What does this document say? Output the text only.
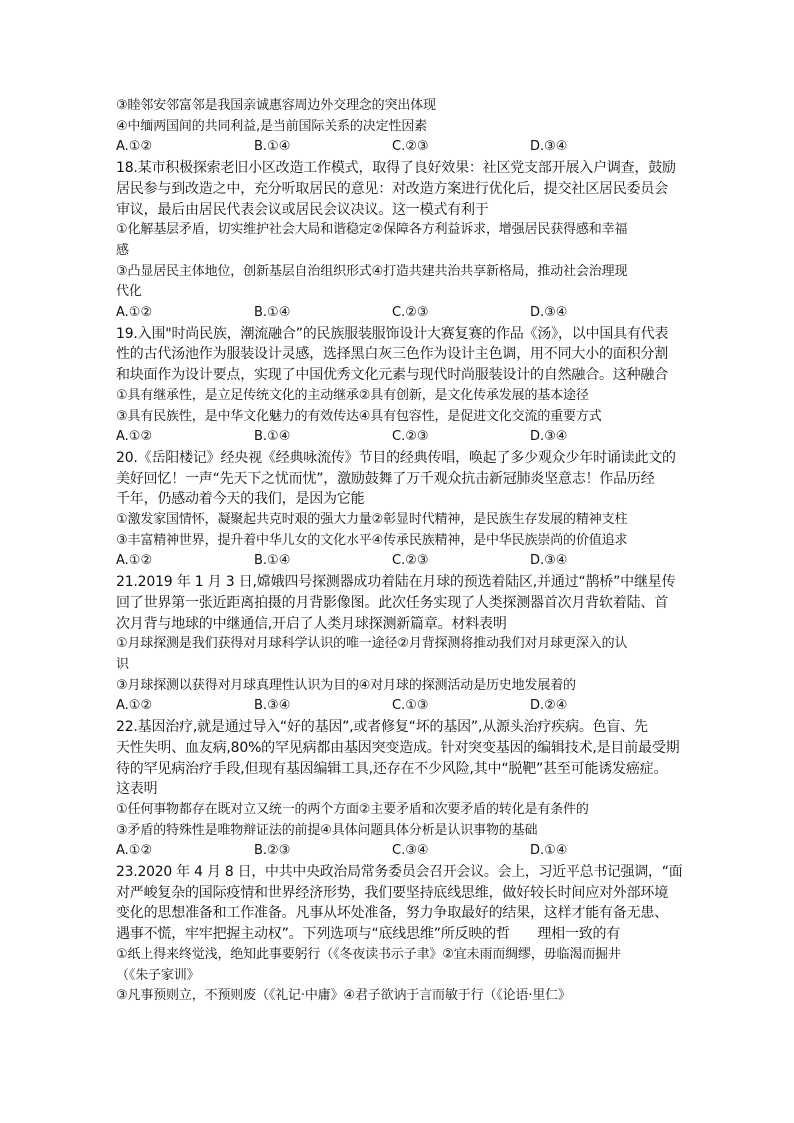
③睦邻安邻富邻是我国亲诚惠容周边外交理念的突出体现
④中缅两国间的共同利益,是当前国际关系的决定性因素
A.①②	B.①④	C.②③	D.③④
18.某市积极探索老旧小区改造工作模式，取得了良好效果：社区党支部开展入户调查，鼓励
居民参与到改造之中，充分听取居民的意见：对改造方案进行优化后，提交社区居民委员会
审议，最后由居民代表会议或居民会议决议。这一模式有利于
①化解基层矛盾，切实维护社会大局和谐稳定②保障各方利益诉求，增强居民获得感和幸福
感
③凸显居民主体地位，创新基层自治组织形式④打造共建共治共享新格局，推动社会治理现
代化
A.①②	B.①④	C.②③	D.③④
19.入围"时尚民族，潮流融合”的民族服装服饰设计大赛复赛的作品《汤》，以中国具有代表
性的古代汤池作为服装设计灵感，选择黑白灰三色作为设计主色调，用不同大小的面积分割
和块面作为设计要点，实现了中国优秀文化元素与现代时尚服装设计的自然融合。这种融合
①具有继承性，是立足传统文化的主动继承②具有创新，是文化传承发展的基本途径
③具有民族性，是中华文化魅力的有效传达④具有包容性，是促进文化交流的重要方式
A.①②	B.①④	C.②③	D.③④
20.《岳阳楼记》经央视《经典咏流传》节目的经典传唱，唤起了多少观众少年时诵读此文的
美好回忆！一声“先天下之忧而忧”，激励鼓舞了万千观众抗击新冠肺炎坚意志！作品历经
千年，仍感动着今天的我们，是因为它能
①激发家国情怀，凝聚起共克时艰的强大力量②彰显时代精神，是民族生存发展的精神支柱
③丰富精神世界，提升着中华儿女的文化水平④传承民族精神，是中华民族崇尚的价值追求
A.①②	B.①④	C.②③	D.③④
21.2019 年 1 月 3 日,嫦娥四号探测器成功着陆在月球的预选着陆区,并通过“鹊桥”中继星传
回了世界第一张近距离拍摄的月背影像图。此次任务实现了人类探测器首次月背软着陆、首
次月背与地球的中继通信,开启了人类月球探测新篇章。材料表明
①月球探测是我们获得对月球科学认识的唯一途径②月背探测将推动我们对月球更深入的认
识
③月球探测以获得对月球真理性认识为目的④对月球的探测活动是历史地发展着的
A.①②	B.③④	C.①③	D.②④
22.基因治疗,就是通过导入“好的基因”,或者修复“坏的基因”,从源头治疗疾病。色盲、先
天性失明、血友病,80%的罕见病都由基因突变造成。针对突变基因的编辑技术,是目前最受期
待的罕见病治疗手段,但现有基因编辑工具,还存在不少风险,其中“脱靶”甚至可能诱发癌症。
这表明
①任何事物都存在既对立又统一的两个方面②主要矛盾和次要矛盾的转化是有条件的
③矛盾的特殊性是唯物辩证法的前提④具体问题具体分析是认识事物的基础
A.①②	B.②③	C.③④	D.①④
23.2020 年 4 月 8 日，中共中央政治局常务委员会召开会议。会上，习近平总书记强调，“面
对严峻复杂的国际疫情和世界经济形势，我们要坚持底线思维，做好较长时间应对外部环境
变化的思想准备和工作准备。凡事从坏处准备，努力争取最好的结果，这样才能有备无患、
遇事不慌，牢牢把握主动权”。下列选项与“底线思维”所反映的哲　　理相一致的有
①纸上得来终觉浅，绝知此事要躬行（《冬夜读书示子聿》②宜未雨而绸缪，毋临渴而掘井
（《朱子家训》
③凡事预则立，不预则废（《礼记·中庸》④君子欲讷于言而敏于行（《论语·里仁》
